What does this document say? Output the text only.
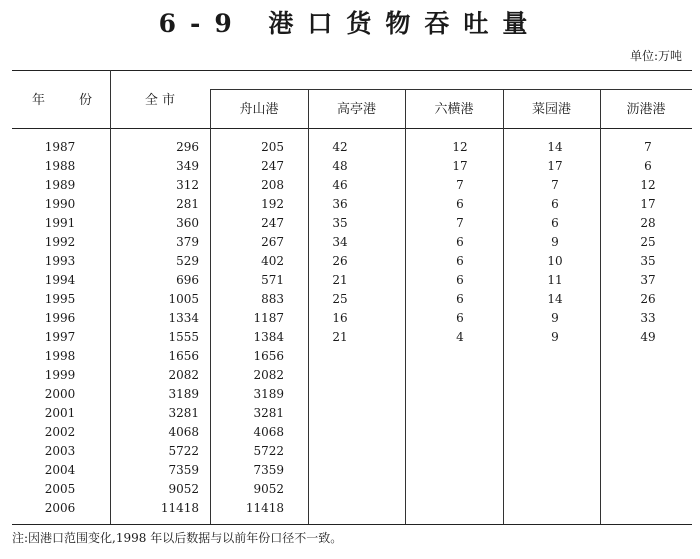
6-9 港口货物吞吐量
单位:万吨
年	份	全 市
舟山港	高亭港	六横港	菜园港	沥港港
1987	296	205	42	12	14	7
1988	349	247	48	17	17	6
1989	312	208	46	7	7	12
1990	281	192	36	6	6	17
1991	360	247	35	7	6	28
1992	379	267	34	6	9	25
1993	529	402	26	6	10	35
1994	696	571	21	6	11	37
1995	1005	883	25	6	14	26
1996	1334	1187	16	6	9	33
1997	1555	1384	21	4	9	49
1998	1656	1656
1999	2082	2082
2000	3189	3189
2001	3281	3281
2002	4068	4068
2003	5722	5722
2004	7359	7359
2005	9052	9052
2006	11418	11418
注:因港口范围变化,1998 年以后数据与以前年份口径不一致。
